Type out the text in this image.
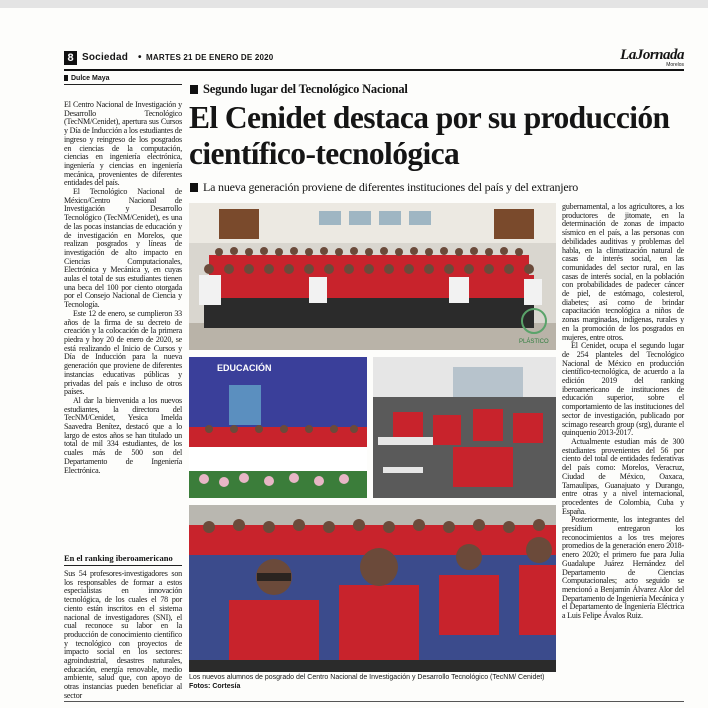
8 Sociedad • MARTES 21 DE ENERO DE 2020	LaJornada
Morelos
Dulce Maya

El Centro Nacional de Investigación y Desarrollo Tecnológico (TecNM/Cenidet), apertura sus Cursos y Día de Inducción a los estudiantes de ingreso y reingreso de los posgrados en ciencias de la computación, ciencias en ingeniería electrónica, ingeniería y ciencias en ingeniería mecánica, provenientes de diferentes entidades del país.

El Tecnológico Nacional de México/Centro Nacional de Investigación y Desarrollo Tecnológico (TecNM/Cenidet), es una de las pocas instancias de educación y de investigación en Morelos, que realizan posgrados y líneas de investigación de alto impacto en Ciencias Computacionales, Electrónica y Mecánica y, en cuyas aulas el total de sus estudiantes tienen una beca del 100 por ciento otorgada por el Consejo Nacional de Ciencia y Tecnología.

Este 12 de enero, se cumplieron 33 años de la firma de su decreto de creación y la colocación de la primera piedra y hoy 20 de enero de 2020, se está realizando el Inicio de Cursos y Día de Inducción para la nueva generación que proviene de diferentes instancias educativas públicas y privadas del país e incluso de otros países.

Al dar la bienvenida a los nuevos estudiantes, la directora del TecNM/Cenidet, Yesica Imelda Saavedra Benítez, destacó que a lo largo de estos años se han titulado un total de mil 334 estudiantes, de los cuales más de 500 son del Departamento de Ingeniería Electrónica.

En el ranking iberoamericano

Sus 54 profesores-investigadores son los responsables de formar a estos especialistas en innovación tecnológica, de los cuales el 78 por ciento están inscritos en el sistema nacional de investigadores (SNI), el cual reconoce su labor en la producción de conocimiento científico y tecnológico con proyectos de impacto social en los sectores: agroindustrial, desastres naturales, educación, energía renovable, medio ambiente, salud que, con apoyo de otras instancias pueden beneficiar al sector

Segundo lugar del Tecnológico Nacional
El Cenidet destaca por su producción científico-tecnológica
La nueva generación proviene de diferentes instituciones del país y del extranjero
PLÁSTICO
EDUCACIÓN
Los nuevos alumnos de posgrado del Centro Nacional de Investigación y Desarrollo Tecnológico (TecNM/ Cenidet) Fotos: Cortesía

gubernamental, a los agricultores, a los productores de jitomate, en la determinación de zonas de impacto sísmico en el país, a las personas con debilidades auditivas y problemas del habla, en la climatización natural de casas de interés social, en las comunidades del sector rural, en las casas de interés social, en la población con probabilidades de padecer cáncer de piel, de estómago, colesterol, diabetes; así como de brindar capacitación tecnológica a niños de zonas marginadas, indígenas, rurales y en la promoción de los posgrados en mujeres, entre otros.

El Cenidet, ocupa el segundo lugar de 254 planteles del Tecnológico Nacional de México en producción científico-tecnológica, de acuerdo a la edición 2019 del ranking iberoamericano de instituciones de educación superior, sobre el comportamiento de las instituciones del sector de investigación, publicado por scimago research group (srg), durante el quinquenio 2013-2017.

Actualmente estudian más de 300 estudiantes provenientes del 56 por ciento del total de entidades federativas del país como: Morelos, Veracruz, Ciudad de México, Oaxaca, Tamaulipas, Guanajuato y Durango, entre otras y a nivel internacional, procedentes de Colombia, Cuba y España.

Posteriormente, los integrantes del presídium entregaron los reconocimientos a los tres mejores promedios de la generación enero 2018-enero 2020; el primero fue para Julia Guadalupe Juárez Hernández del Departamento de Ciencias Computacionales; acto seguido se mencionó a Benjamín Álvarez Alor del Departamento de Ingeniería Mecánica y el Departamento de Ingeniería Eléctrica a Luis Felipe Ávalos Ruiz.
